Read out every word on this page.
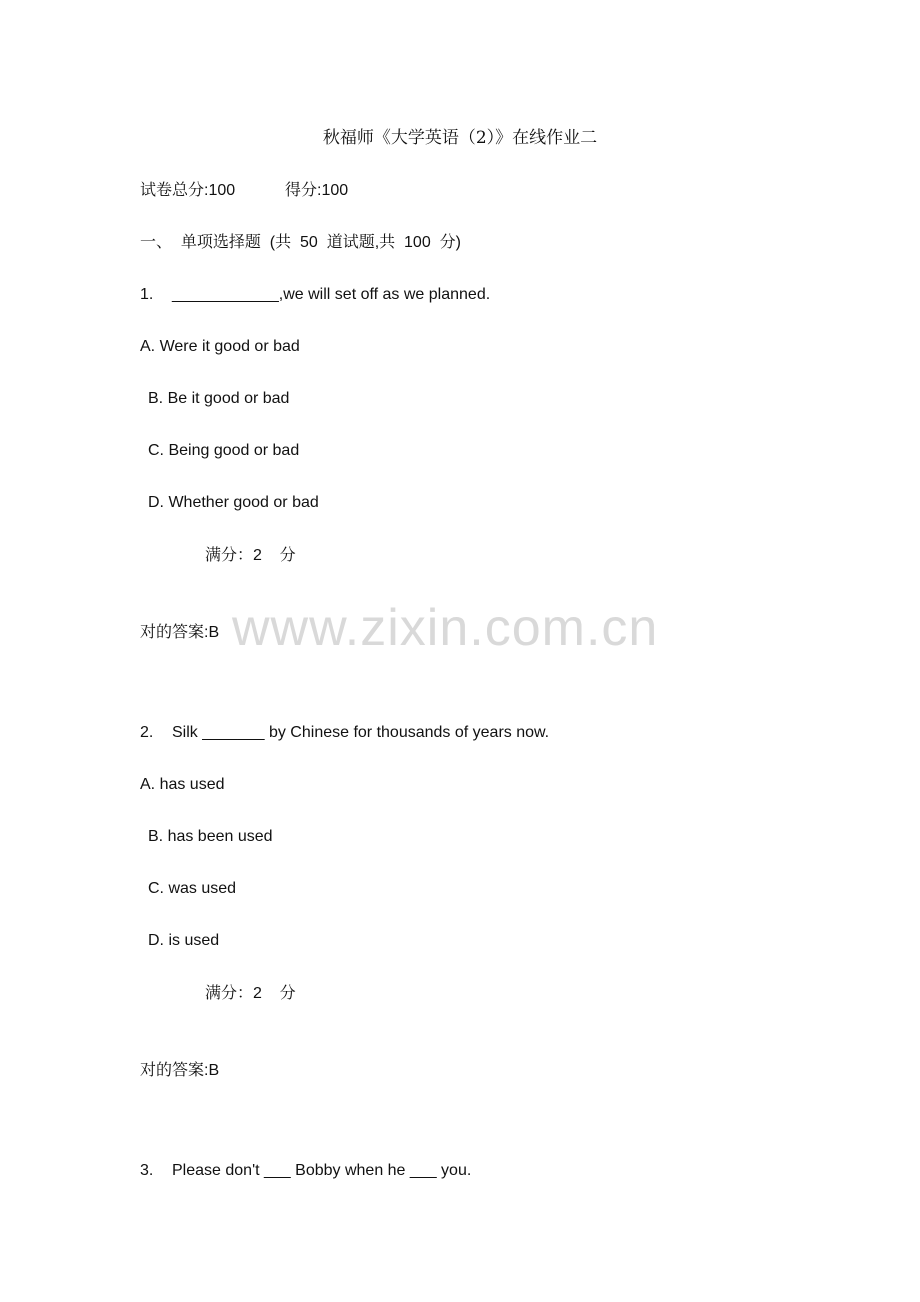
秋福师《大学英语（2）》在线作业二
试卷总分:100	得分:100
一、  单项选择题  (共  50  道试题,共  100  分)
1. ____________,we will set off as we planned.
A. Were it good or bad
B. Be it good or bad
C. Being good or bad
D. Whether good or bad
满分：2    分
对的答案:B www.zixin.com.cn
2. Silk _______ by Chinese for thousands of years now.
A. has used
B. has been used
C. was used
D. is used
满分：2    分
对的答案:B
3. Please don't ___ Bobby when he ___ you.
